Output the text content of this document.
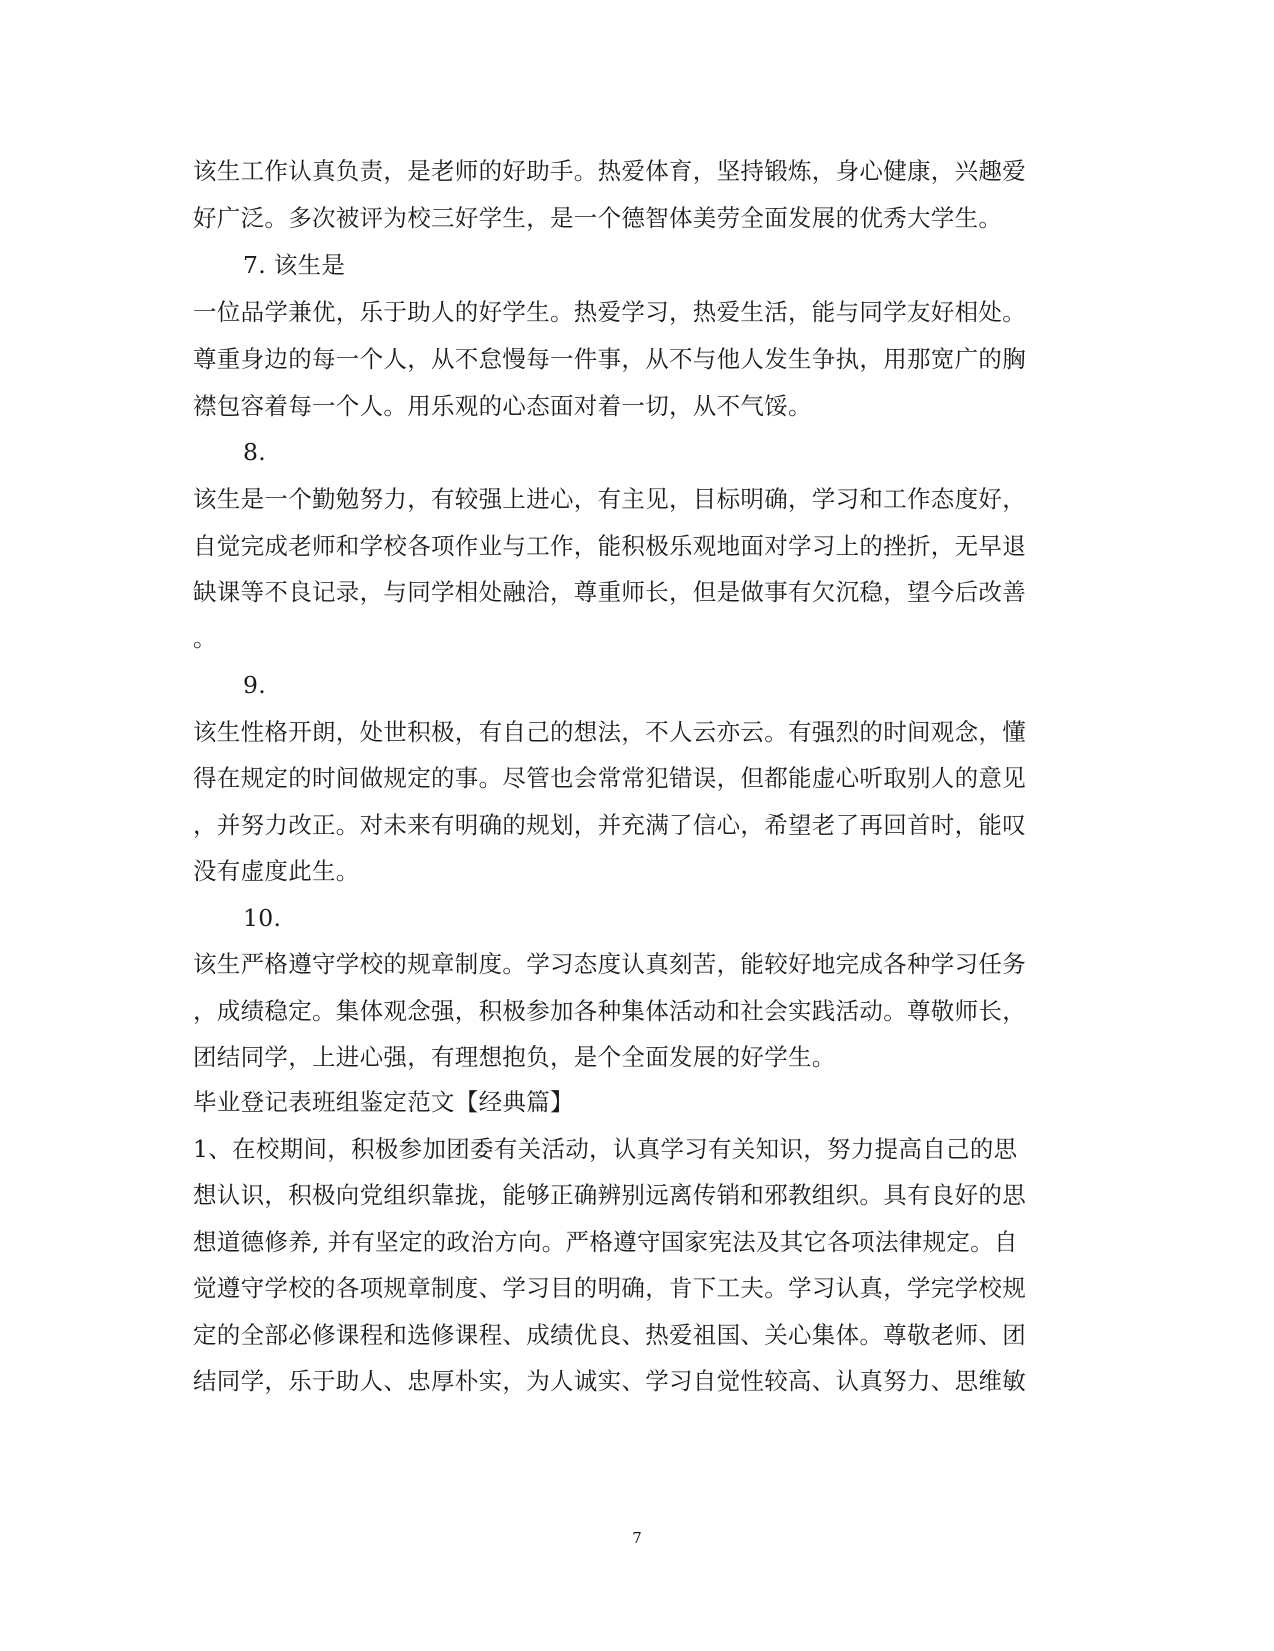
该生工作认真负责，是老师的好助手。热爱体育，坚持锻炼，身心健康，兴趣爱
好广泛。多次被评为校三好学生，是一个德智体美劳全面发展的优秀大学生。
7. 该生是
一位品学兼优，乐于助人的好学生。热爱学习，热爱生活，能与同学友好相处。
尊重身边的每一个人，从不怠慢每一件事，从不与他人发生争执，用那宽广的胸
襟包容着每一个人。用乐观的心态面对着一切，从不气馁。
8.
该生是一个勤勉努力，有较强上进心，有主见，目标明确，学习和工作态度好，
自觉完成老师和学校各项作业与工作，能积极乐观地面对学习上的挫折，无早退
缺课等不良记录，与同学相处融洽，尊重师长，但是做事有欠沉稳，望今后改善
。
9.
该生性格开朗，处世积极，有自己的想法，不人云亦云。有强烈的时间观念，懂
得在规定的时间做规定的事。尽管也会常常犯错误，但都能虚心听取别人的意见
，并努力改正。对未来有明确的规划，并充满了信心，希望老了再回首时，能叹
没有虚度此生。
10.
该生严格遵守学校的规章制度。学习态度认真刻苦，能较好地完成各种学习任务
，成绩稳定。集体观念强，积极参加各种集体活动和社会实践活动。尊敬师长，
团结同学，上进心强，有理想抱负，是个全面发展的好学生。
毕业登记表班组鉴定范文【经典篇】
1、在校期间，积极参加团委有关活动，认真学习有关知识，努力提高自己的思
想认识，积极向党组织靠拢，能够正确辨别远离传销和邪教组织。具有良好的思
想道德修养, 并有坚定的政治方向。严格遵守国家宪法及其它各项法律规定。自
觉遵守学校的各项规章制度、学习目的明确，肯下工夫。学习认真，学完学校规
定的全部必修课程和选修课程、成绩优良、热爱祖国、关心集体。尊敬老师、团
结同学，乐于助人、忠厚朴实，为人诚实、学习自觉性较高、认真努力、思维敏
7
